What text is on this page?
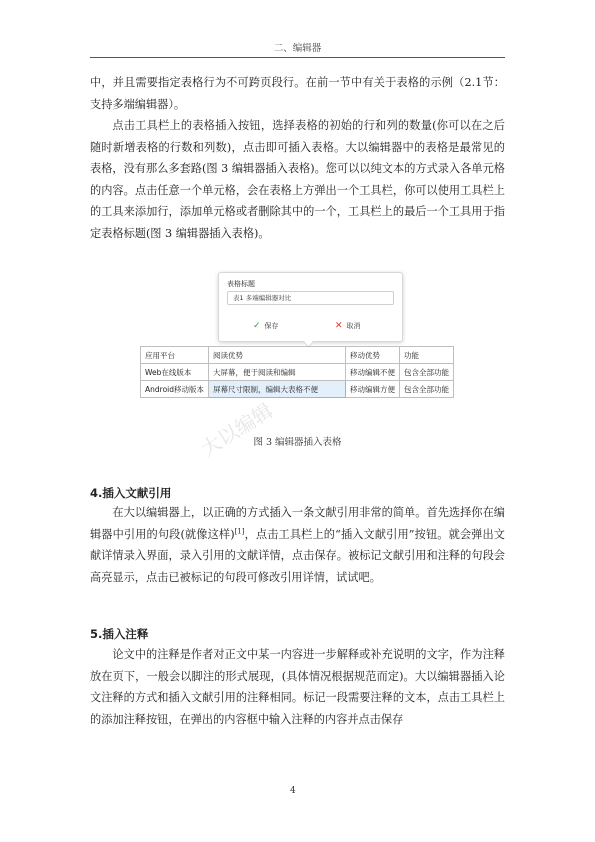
二、编辑器

中，并且需要指定表格行为不可跨页段行。在前一节中有关于表格的示例（2.1节：支持多端编辑器）。

点击工具栏上的表格插入按钮，选择表格的初始的行和列的数量(你可以在之后随时新增表格的行数和列数)，点击即可插入表格。大以编辑器中的表格是最常见的表格，没有那么多套路(图 3 编辑器插入表格)。您可以以纯文本的方式录入各单元格的内容。点击任意一个单元格，会在表格上方弹出一个工具栏，你可以使用工具栏上的工具来添加行，添加单元格或者删除其中的一个，工具栏上的最后一个工具用于指定表格标题(图 3 编辑器插入表格)。

表格标题
表1 多端编辑器对比
✓ 保存	✕ 取消
应用平台	阅读优势	移动优势	功能
Web在线版本	大屏幕，便于阅读和编辑	移动编辑不便	包含全部功能
Android移动版本	屏幕尺寸限制，编辑大表格不便	移动编辑方便	包含全部功能
大以编辑
图 3 编辑器插入表格
4.插入文献引用

在大以编辑器上，以正确的方式插入一条文献引用非常的简单。首先选择你在编辑器中引用的句段(就像这样)[1]，点击工具栏上的“插入文献引用”按钮。就会弹出文献详情录入界面，录入引用的文献详情，点击保存。被标记文献引用和注释的句段会高亮显示，点击已被标记的句段可修改引用详情，试试吧。

5.插入注释

论文中的注释是作者对正文中某一内容进一步解释或补充说明的文字，作为注释放在页下，一般会以脚注的形式展现，(具体情况根据规范而定)。大以编辑器插入论文注释的方式和插入文献引用的注释相同。标记一段需要注释的文本，点击工具栏上的添加注释按钮，在弹出的内容框中输入注释的内容并点击保存

4
